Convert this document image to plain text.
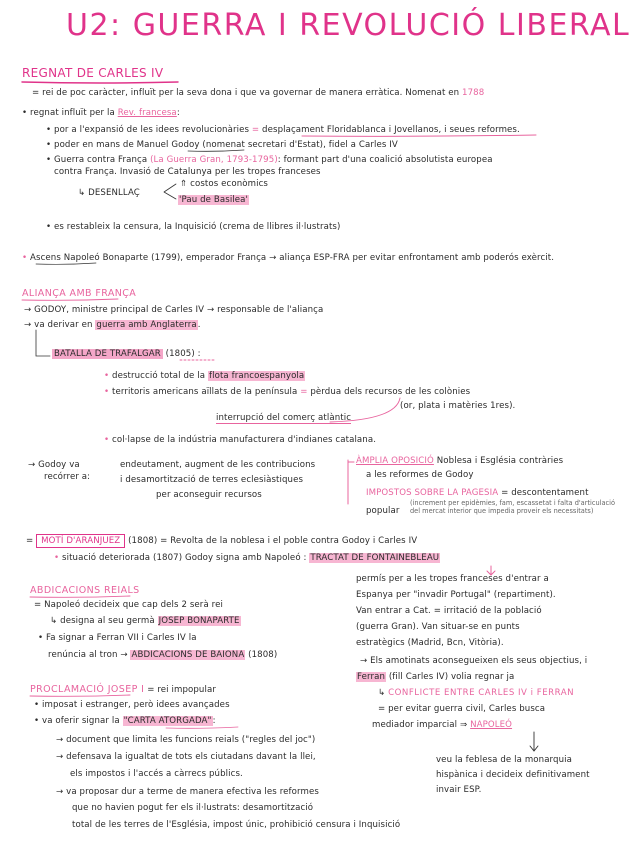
U2: GUERRA I REVOLUCIÓ LIBERAL
REGNAT DE CARLES IV
= rei de poc caràcter, influït per la seva dona i que va governar de manera erràtica. Nomenat en 1788
• regnat influït per la Rev. francesa:
• por a l'expansió de les idees revolucionàries = desplaçament Floridablanca i Jovellanos, i seues reformes.
• poder en mans de Manuel Godoy (nomenat secretari d'Estat), fidel a Carles IV
• Guerra contra França (La Guerra Gran, 1793-1795): formant part d'una coalició absolutista europea
contra França. Invasió de Catalunya per les tropes franceses
↳ DESENLLAÇ
⇑ costos econòmics
'Pau de Basilea'
• es restableix la censura, la Inquisició (crema de llibres il·lustrats)
• Ascens Napoleó Bonaparte (1799), emperador França → aliança ESP-FRA per evitar enfrontament amb poderós exèrcit.
ALIANÇA AMB FRANÇA
→ GODOY, ministre principal de Carles IV → responsable de l'aliança
→ va derivar en guerra amb Anglaterra.
BATALLA DE TRAFALGAR (1805) :
• destrucció total de la flota francoespanyola
• territoris americans aïllats de la península = pèrdua dels recursos de les colònies
(or, plata i matèries 1res).
interrupció del comerç atlàntic
• col·lapse de la indústria manufacturera d'indianes catalana.
→ Godoy va
recórrer a:
endeutament, augment de les contribucions
i desamortització de terres eclesiàstiques
per aconseguir recursos
ÀMPLIA OPOSICIÓ Noblesa i Església contràries
a les reformes de Godoy
IMPOSTOS SOBRE LA PAGESIA = descontentament
popular
(increment per epidèmies, fam, escassetat i falta d'articulació del mercat interior que impedia proveir els necessitats)
= MOTÍ D'ARANJUEZ (1808) = Revolta de la noblesa i el poble contra Godoy i Carles IV
• situació deteriorada (1807) Godoy signa amb Napoleó : TRACTAT DE FONTAINEBLEAU
ABDICACIONS REIALS
= Napoleó decideix que cap dels 2 serà rei
↳ designa al seu germà JOSEP BONAPARTE
• Fa signar a Ferran VII i Carles IV la
renúncia al tron → ABDICACIONS DE BAIONA (1808)
permís per a les tropes franceses d'entrar a
Espanya per "invadir Portugal" (repartiment).
Van entrar a Cat. = irritació de la població
(guerra Gran). Van situar-se en punts
estratègics (Madrid, Bcn, Vitòria).
→ Els amotinats aconsegueixen els seus objectius, i
Ferran (fill Carles IV) volia regnar ja
↳ CONFLICTE ENTRE CARLES IV i FERRAN
= per evitar guerra civil, Carles busca
mediador imparcial ⇒ NAPOLEÓ
veu la feblesa de la monarquia
hispànica i decideix definitivament
invair ESP.
PROCLAMACIÓ JOSEP I = rei impopular
• imposat i estranger, però idees avançades
• va oferir signar la "CARTA ATORGADA":
→ document que limita les funcions reials ("regles del joc")
→ defensava la igualtat de tots els ciutadans davant la llei,
els impostos i l'accés a càrrecs públics.
→ va proposar dur a terme de manera efectiva les reformes
que no havien pogut fer els il·lustrats: desamortització
total de les terres de l'Església, impost únic, prohibició censura i Inquisició
